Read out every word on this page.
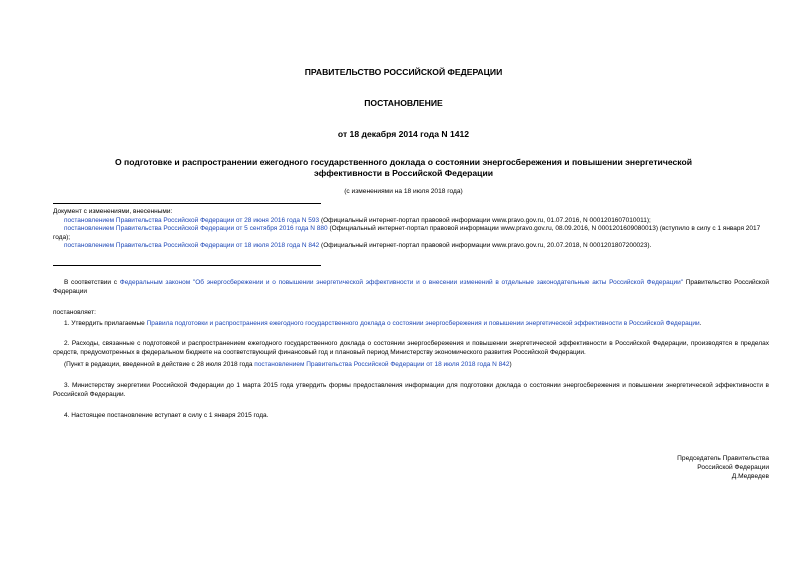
ПРАВИТЕЛЬСТВО РОССИЙСКОЙ ФЕДЕРАЦИИ
ПОСТАНОВЛЕНИЕ
от 18 декабря 2014 года N 1412
О подготовке и распространении ежегодного государственного доклада о состоянии энергосбережения и повышении энергетической эффективности в Российской Федерации
(с изменениями на 18 июля 2018 года)
Документ с изменениями, внесенными:
постановлением Правительства Российской Федерации от 28 июня 2016 года N 593 (Официальный интернет-портал правовой информации www.pravo.gov.ru, 01.07.2016, N 0001201607010011);
постановлением Правительства Российской Федерации от 5 сентября 2016 года N 880 (Официальный интернет-портал правовой информации www.pravo.gov.ru, 08.09.2016, N 0001201609080013) (вступило в силу с 1 января 2017 года);
постановлением Правительства Российской Федерации от 18 июля 2018 года N 842 (Официальный интернет-портал правовой информации www.pravo.gov.ru, 20.07.2018, N 0001201807200023).
В соответствии с Федеральным законом "Об энергосбережении и о повышении энергетической эффективности и о внесении изменений в отдельные законодательные акты Российской Федерации" Правительство Российской Федерации
постановляет:
1. Утвердить прилагаемые Правила подготовки и распространения ежегодного государственного доклада о состоянии энергосбережения и повышении энергетической эффективности в Российской Федерации.
2. Расходы, связанные с подготовкой и распространением ежегодного государственного доклада о состоянии энергосбережения и повышении энергетической эффективности в Российской Федерации, производятся в пределах средств, предусмотренных в федеральном бюджете на соответствующий финансовый год и плановый период Министерству экономического развития Российской Федерации.
(Пункт в редакции, введенной в действие с 28 июля 2018 года постановлением Правительства Российской Федерации от 18 июля 2018 года N 842)
3. Министерству энергетики Российской Федерации до 1 марта 2015 года утвердить формы предоставления информации для подготовки доклада о состоянии энергосбережения и повышении энергетической эффективности в Российской Федерации.
4. Настоящее постановление вступает в силу с 1 января 2015 года.
Председатель Правительства
Российской Федерации
Д.Медведев
